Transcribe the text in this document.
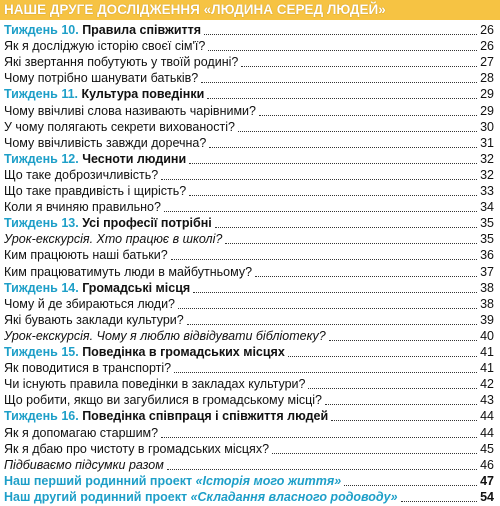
НАШЕ ДРУГЕ ДОСЛІДЖЕННЯ «ЛЮДИНА СЕРЕД ЛЮДЕЙ»
Тиждень 10. Правила співжиття	26
Як я досліджую історію своєї сім'ї?	26
Які звертання побутують у твоїй родині?	27
Чому потрібно шанувати батьків?	28
Тиждень 11. Культура поведінки	29
Чому ввічливі слова називають чарівними?	29
У чому полягають секрети вихованості?	30
Чому ввічливість завжди доречна?	31
Тиждень 12. Чесноти людини	32
Що таке доброзичливість?	32
Що таке правдивість і щирість?	33
Коли я вчиняю правильно?	34
Тиждень 13. Усі професії потрібні	35
Урок-екскурсія. Хто працює в школі?	35
Ким працюють наші батьки?	36
Ким працюватимуть люди в майбутньому?	37
Тиждень 14. Громадські місця	38
Чому й де збираються люди?	38
Які бувають заклади культури?	39
Урок-екскурсія. Чому я люблю відвідувати бібліотеку?	40
Тиждень 15. Поведінка в громадських місцях	41
Як поводитися в транспорті?	41
Чи існують правила поведінки в закладах культури?	42
Що робити, якщо ви загубилися в громадському місці?	43
Тиждень 16. Поведінка співпраця і співжиття людей	44
Як я допомагаю старшим?	44
Як я дбаю про чистоту в громадських місцях?	45
Підбиваємо підсумки разом	46
Наш перший родинний проект «Історія мого життя»	47
Наш другий родинний проект «Складання власного родоводу»	54
